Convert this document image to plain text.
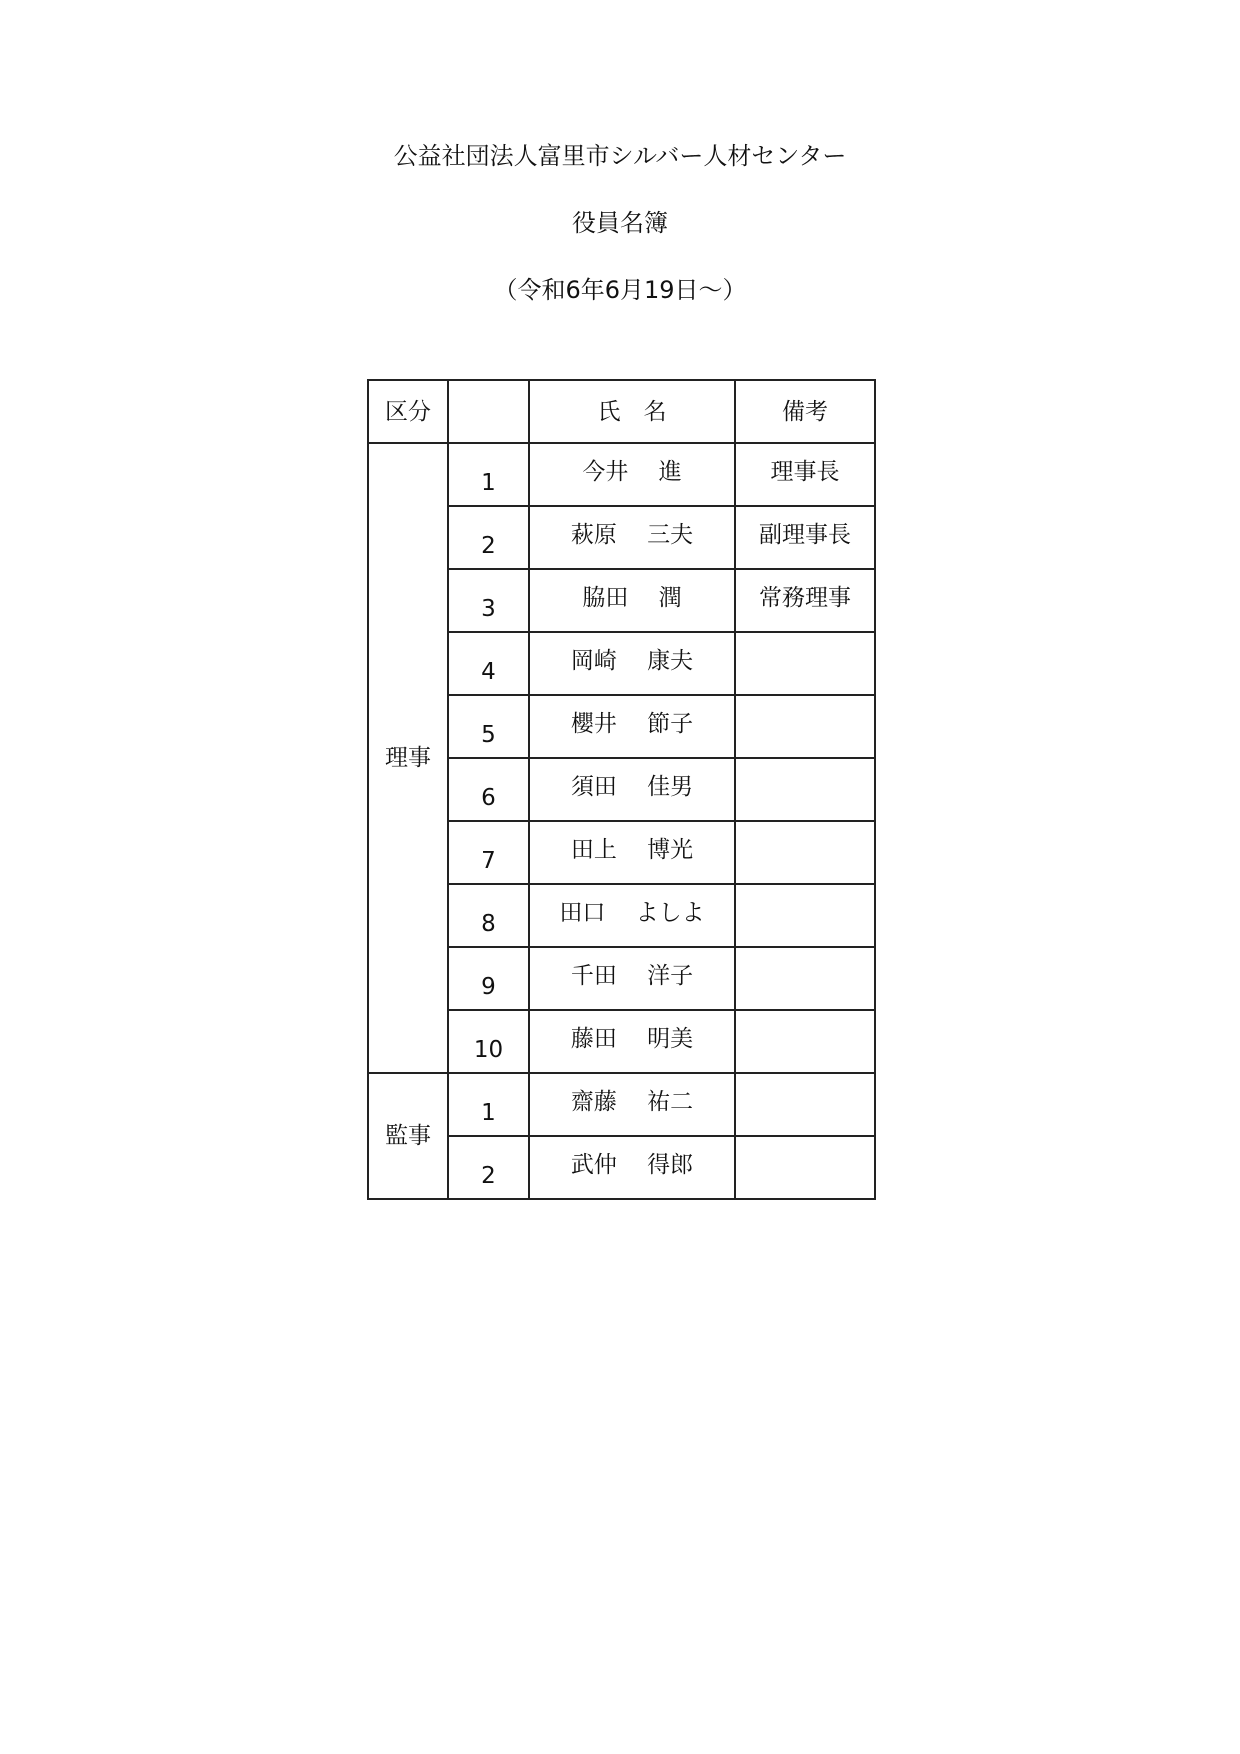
公益社団法人富里市シルバー人材センター
役員名簿
（令和6年6月19日～）
区分		氏　名	備考
理事	1	今井　 進	理事長
	2	萩原　 三夫	副理事長
	3	脇田　 潤	常務理事
	4	岡崎　 康夫	
	5	櫻井　 節子	
	6	須田　 佳男	
	7	田上　 博光	
	8	田口　 よしよ	
	9	千田　 洋子	
	10	藤田　 明美	
監事	1	齋藤　 祐二	
	2	武仲　 得郎	
